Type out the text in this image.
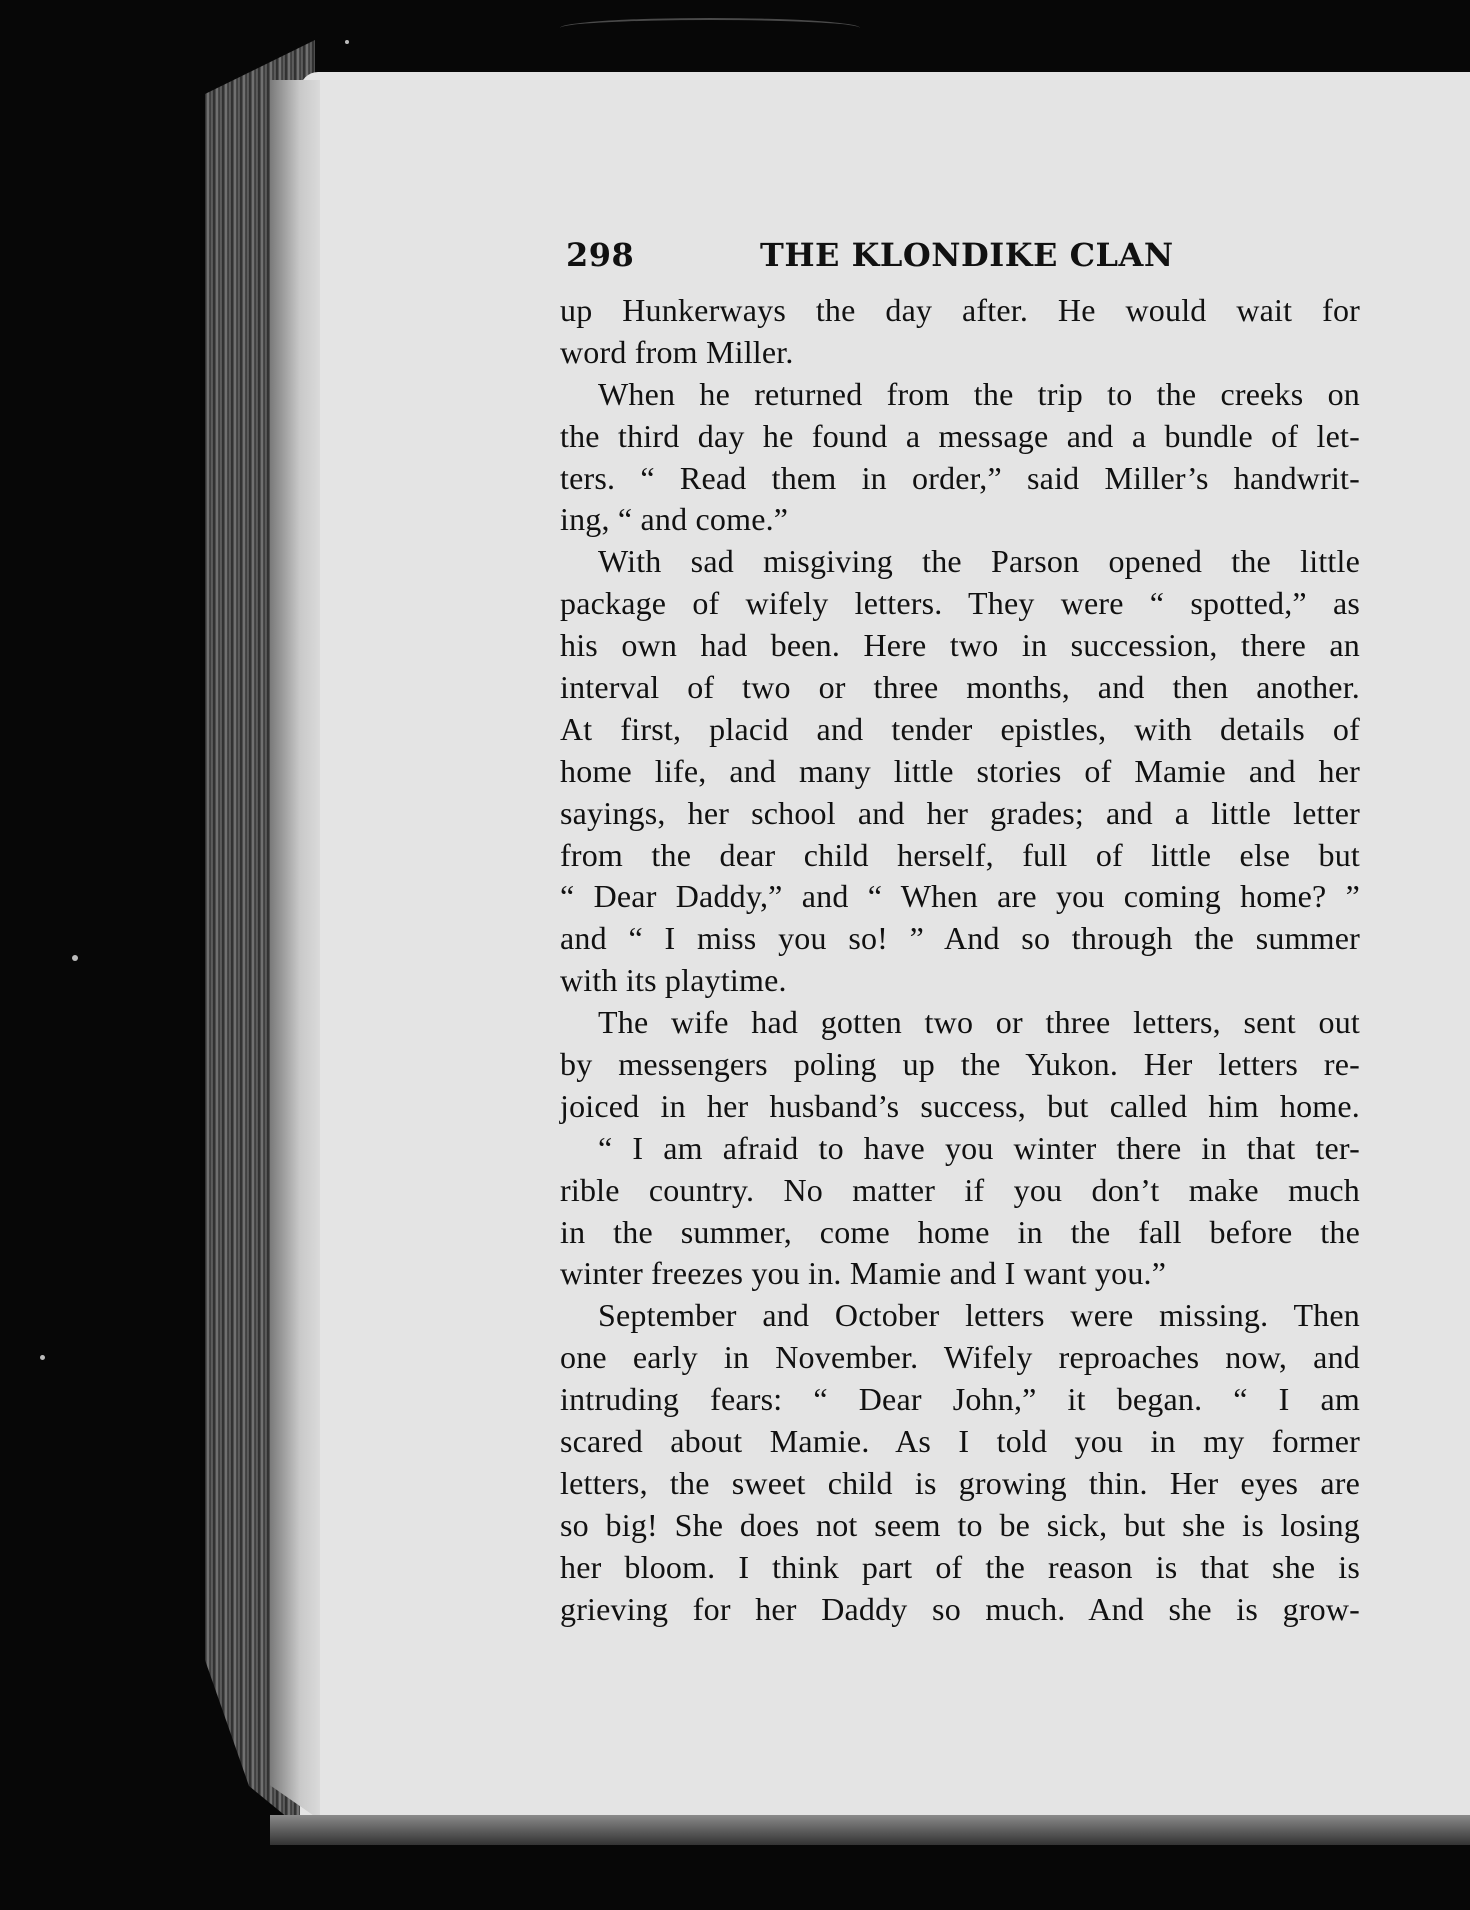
298	THE KLONDIKE CLAN
up Hunkerways the day after. He would wait for
word from Miller.
When he returned from the trip to the creeks on
the third day he found a message and a bundle of let-
ters. “ Read them in order,” said Miller’s handwrit-
ing, “ and come.”
With sad misgiving the Parson opened the little
package of wifely letters. They were “ spotted,” as
his own had been. Here two in succession, there an
interval of two or three months, and then another.
At first, placid and tender epistles, with details of
home life, and many little stories of Mamie and her
sayings, her school and her grades; and a little letter
from the dear child herself, full of little else but
“ Dear Daddy,” and “ When are you coming home? ”
and “ I miss you so! ” And so through the summer
with its playtime.
The wife had gotten two or three letters, sent out
by messengers poling up the Yukon. Her letters re-
joiced in her husband’s success, but called him home.
“ I am afraid to have you winter there in that ter-
rible country. No matter if you don’t make much
in the summer, come home in the fall before the
winter freezes you in. Mamie and I want you.”
September and October letters were missing. Then
one early in November. Wifely reproaches now, and
intruding fears: “ Dear John,” it began. “ I am
scared about Mamie. As I told you in my former
letters, the sweet child is growing thin. Her eyes are
so big! She does not seem to be sick, but she is losing
her bloom. I think part of the reason is that she is
grieving for her Daddy so much. And she is grow-
